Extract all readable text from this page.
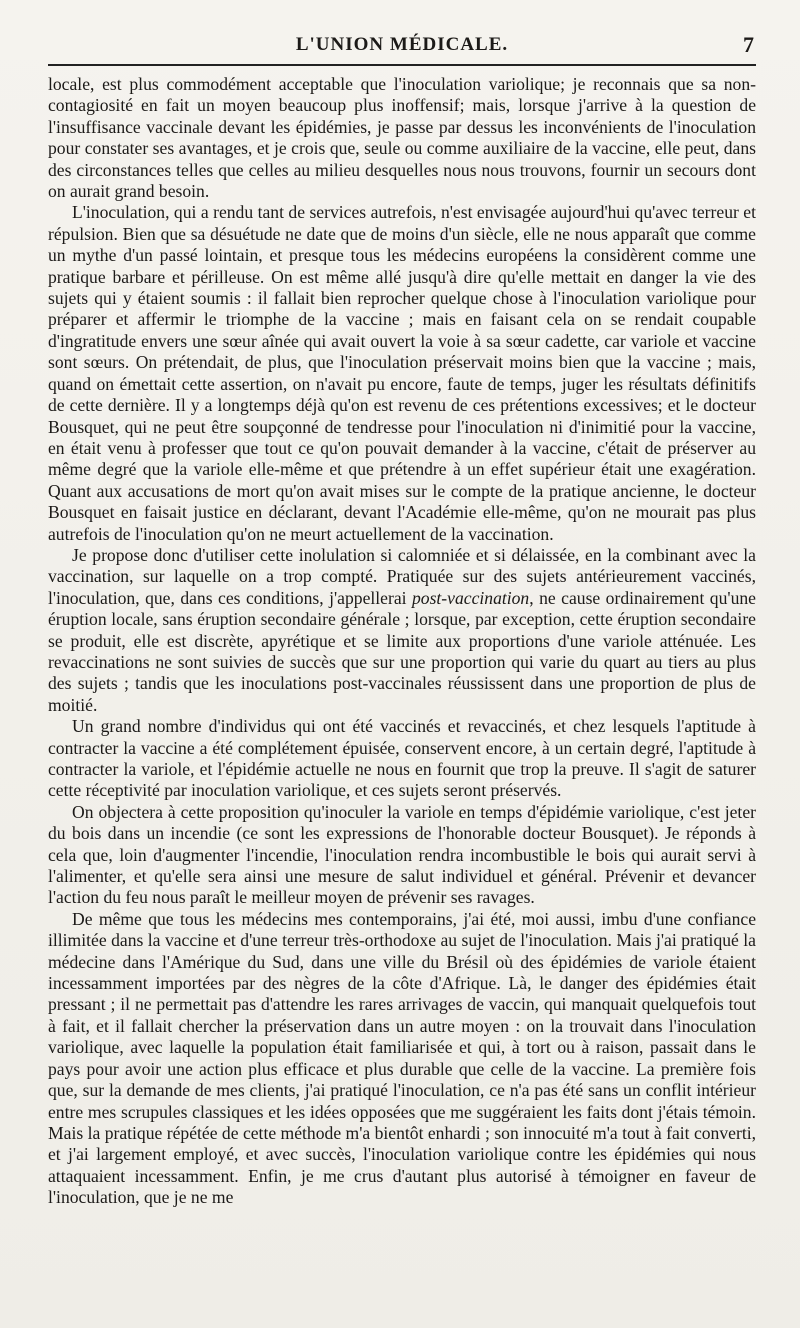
L'UNION MÉDICALE.	7

locale, est plus commodément acceptable que l'inoculation variolique; je reconnais que sa non-contagiosité en fait un moyen beaucoup plus inoffensif; mais, lorsque j'arrive à la question de l'insuffisance vaccinale devant les épidémies, je passe par dessus les inconvénients de l'inoculation pour constater ses avantages, et je crois que, seule ou comme auxiliaire de la vaccine, elle peut, dans des circonstances telles que celles au milieu desquelles nous nous trouvons, fournir un secours dont on aurait grand besoin.

L'inoculation, qui a rendu tant de services autrefois, n'est envisagée aujourd'hui qu'avec terreur et répulsion. Bien que sa désuétude ne date que de moins d'un siècle, elle ne nous apparaît que comme un mythe d'un passé lointain, et presque tous les médecins européens la considèrent comme une pratique barbare et périlleuse. On est même allé jusqu'à dire qu'elle mettait en danger la vie des sujets qui y étaient soumis : il fallait bien reprocher quelque chose à l'inoculation variolique pour préparer et affermir le triomphe de la vaccine ; mais en faisant cela on se rendait coupable d'ingratitude envers une sœur aînée qui avait ouvert la voie à sa sœur cadette, car variole et vaccine sont sœurs. On prétendait, de plus, que l'inoculation préservait moins bien que la vaccine ; mais, quand on émettait cette assertion, on n'avait pu encore, faute de temps, juger les résultats définitifs de cette dernière. Il y a longtemps déjà qu'on est revenu de ces prétentions excessives; et le docteur Bousquet, qui ne peut être soupçonné de tendresse pour l'inoculation ni d'inimitié pour la vaccine, en était venu à professer que tout ce qu'on pouvait demander à la vaccine, c'était de préserver au même degré que la variole elle-même et que prétendre à un effet supérieur était une exagération. Quant aux accusations de mort qu'on avait mises sur le compte de la pratique ancienne, le docteur Bousquet en faisait justice en déclarant, devant l'Académie elle-même, qu'on ne mourait pas plus autrefois de l'inoculation qu'on ne meurt actuellement de la vaccination.

Je propose donc d'utiliser cette inolulation si calomniée et si délaissée, en la combinant avec la vaccination, sur laquelle on a trop compté. Pratiquée sur des sujets antérieurement vaccinés, l'inoculation, que, dans ces conditions, j'appellerai post-vaccination, ne cause ordinairement qu'une éruption locale, sans éruption secondaire générale ; lorsque, par exception, cette éruption secondaire se produit, elle est discrète, apyrétique et se limite aux proportions d'une variole atténuée. Les revaccinations ne sont suivies de succès que sur une proportion qui varie du quart au tiers au plus des sujets ; tandis que les inoculations post-vaccinales réussissent dans une proportion de plus de moitié.

Un grand nombre d'individus qui ont été vaccinés et revaccinés, et chez lesquels l'aptitude à contracter la vaccine a été complétement épuisée, conservent encore, à un certain degré, l'aptitude à contracter la variole, et l'épidémie actuelle ne nous en fournit que trop la preuve. Il s'agit de saturer cette réceptivité par inoculation variolique, et ces sujets seront préservés.

On objectera à cette proposition qu'inoculer la variole en temps d'épidémie variolique, c'est jeter du bois dans un incendie (ce sont les expressions de l'honorable docteur Bousquet). Je réponds à cela que, loin d'augmenter l'incendie, l'inoculation rendra incombustible le bois qui aurait servi à l'alimenter, et qu'elle sera ainsi une mesure de salut individuel et général. Prévenir et devancer l'action du feu nous paraît le meilleur moyen de prévenir ses ravages.

De même que tous les médecins mes contemporains, j'ai été, moi aussi, imbu d'une confiance illimitée dans la vaccine et d'une terreur très-orthodoxe au sujet de l'inoculation. Mais j'ai pratiqué la médecine dans l'Amérique du Sud, dans une ville du Brésil où des épidémies de variole étaient incessamment importées par des nègres de la côte d'Afrique. Là, le danger des épidémies était pressant ; il ne permettait pas d'attendre les rares arrivages de vaccin, qui manquait quelquefois tout à fait, et il fallait chercher la préservation dans un autre moyen : on la trouvait dans l'inoculation variolique, avec laquelle la population était familiarisée et qui, à tort ou à raison, passait dans le pays pour avoir une action plus efficace et plus durable que celle de la vaccine. La première fois que, sur la demande de mes clients, j'ai pratiqué l'inoculation, ce n'a pas été sans un conflit intérieur entre mes scrupules classiques et les idées opposées que me suggéraient les faits dont j'étais témoin. Mais la pratique répétée de cette méthode m'a bientôt enhardi ; son innocuité m'a tout à fait converti, et j'ai largement employé, et avec succès, l'inoculation variolique contre les épidémies qui nous attaquaient incessamment. Enfin, je me crus d'autant plus autorisé à témoigner en faveur de l'inoculation, que je ne me
